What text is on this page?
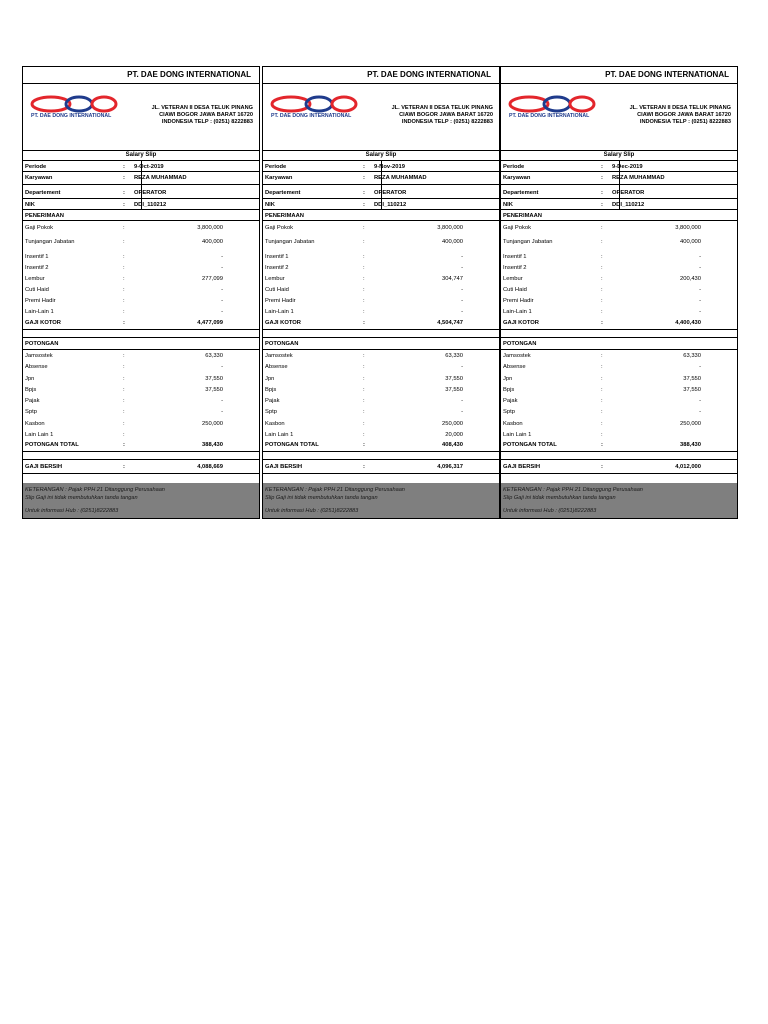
PT. DAE DONG INTERNATIONAL
PT. DAE DONG INTERNATIONAL
JL. VETERAN II DESA TELUK PINANG
CIAWI BOGOR JAWA BARAT 16720
INDONESIA TELP : (0251) 8222883
Salary Slip
Periode	: 9-Oct-2019
Karyawan	: REZA MUHAMMAD
Departement	: OPERATOR
NIK	: DDI_110212
PENERIMAAN
Gaji Pokok	:	3,800,000
Tunjangan Jabatan	:	400,000
Insentif 1	:	-
Insentif 2	:	-
Lembur	:	277,099
Cuti Haid	:	-
Premi Hadir	:	-
Lain-Lain 1	:	-
GAJI KOTOR	:	4,477,099
POTONGAN
Jamsostek	:	63,330
Absense	:	-
Jpn	:	37,550
Bpjs	:	37,550
Pajak	:	-
Sptp	:	-
Kasbon	:	250,000
Lain Lain 1	:
POTONGAN TOTAL	:	388,430
GAJI BERSIH	:	4,088,669
KETERANGAN : Pajak PPH 21 Ditanggung Perusahaan
Slip Gaji ini tidak membutuhkan tanda tangan
Untuk informasi Hub : (0251)8222883
PT. DAE DONG INTERNATIONAL
PT. DAE DONG INTERNATIONAL
JL. VETERAN II DESA TELUK PINANG
CIAWI BOGOR JAWA BARAT 16720
INDONESIA TELP : (0251) 8222883
Salary Slip
Periode	: 9-Nov-2019
Karyawan	: REZA MUHAMMAD
Departement	: OPERATOR
NIK	: DDI_110212
PENERIMAAN
Gaji Pokok	:	3,800,000
Tunjangan Jabatan	:	400,000
Insentif 1	:	-
Insentif 2	:	-
Lembur	:	304,747
Cuti Haid	:	-
Premi Hadir	:	-
Lain-Lain 1	:	-
GAJI KOTOR	:	4,504,747
POTONGAN
Jamsostek	:	63,330
Absense	:	-
Jpn	:	37,550
Bpjs	:	37,550
Pajak	:	-
Sptp	:	-
Kasbon	:	250,000
Lain Lain 1	:	20,000
POTONGAN TOTAL	:	408,430
GAJI BERSIH	:	4,096,317
KETERANGAN : Pajak PPH 21 Ditanggung Perusahaan
Slip Gaji ini tidak membutuhkan tanda tangan
Untuk informasi Hub : (0251)8222883
PT. DAE DONG INTERNATIONAL
PT. DAE DONG INTERNATIONAL
JL. VETERAN II DESA TELUK PINANG
CIAWI BOGOR JAWA BARAT 16720
INDONESIA TELP : (0251) 8222883
Salary Slip
Periode	: 9-Dec-2019
Karyawan	: REZA MUHAMMAD
Departement	: OPERATOR
NIK	: DDI_110212
PENERIMAAN
Gaji Pokok	:	3,800,000
Tunjangan Jabatan	:	400,000
Insentif 1	:	-
Insentif 2	:	-
Lembur	:	200,430
Cuti Haid	:	-
Premi Hadir	:	-
Lain-Lain 1	:	-
GAJI KOTOR	:	4,400,430
POTONGAN
Jamsostek	:	63,330
Absense	:	-
Jpn	:	37,550
Bpjs	:	37,550
Pajak	:	-
Sptp	:	-
Kasbon	:	250,000
Lain Lain 1	:
POTONGAN TOTAL	:	388,430
GAJI BERSIH	:	4,012,000
KETERANGAN : Pajak PPH 21 Ditanggung Perusahaan
Slip Gaji ini tidak membutuhkan tanda tangan
Untuk informasi Hub : (0251)8222883
